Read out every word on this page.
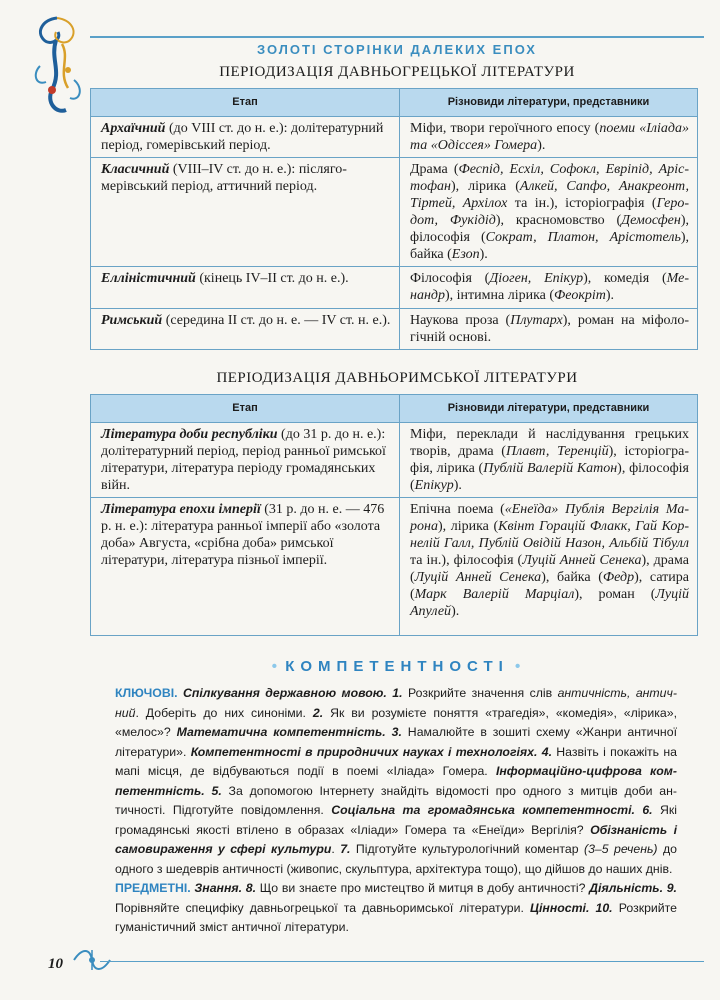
ЗОЛОТІ СТОРІНКИ ДАЛЕКИХ ЕПОХ
ПЕРІОДИЗАЦІЯ ДАВНЬОГРЕЦЬКОЇ ЛІТЕРАТУРИ
Етап	Різновиди літератури, представники
Архаїчний (до VIII ст. до н. е.): долітературний період, гомерівський період.	Міфи, твори героїчного епосу (поеми «Іліада» та «Одіссея» Гомера).
Класичний (VIII–IV ст. до н. е.): післягомерівський період, аттичний період.	Драма (Феспід, Есхіл, Софокл, Евріпід, Арістофан), лірика (Алкей, Сапфо, Анакреонт, Тіртей, Архілох та ін.), історіографія (Геродот, Фукідід), красномовство (Демосфен), філософія (Сократ, Платон, Арістотель), байка (Езоп).
Елліністичний (кінець IV–II ст. до н. е.).	Філософія (Діоген, Епікур), комедія (Менандр), інтимна лірика (Феокріт).
Римський (середина II ст. до н. е. — IV ст. н. е.).	Наукова проза (Плутарх), роман на міфологічній основі.
ПЕРІОДИЗАЦІЯ ДАВНЬОРИМСЬКОЇ ЛІТЕРАТУРИ
Етап	Різновиди літератури, представники
Література доби республіки (до 31 р. до н. е.): долітературний період, період ранньої римської літератури, література періоду громадянських війн.	Міфи, переклади й наслідування грецьких творів, драма (Плавт, Теренцій), історіографія, лірика (Публій Валерій Катон), філософія (Епікур).
Література епохи імперії (31 р. до н. е. — 476 р. н. е.): література ранньої імперії або «золота доба» Августа, «срібна доба» римської літератури, література пізньої імперії.	Епічна поема («Енеїда» Публія Вергілія Марона), лірика (Квінт Горацій Флакк, Гай Корнелій Галл, Публій Овідій Назон, Альбій Тібулл та ін.), філософія (Луцій Анней Сенека), драма (Луцій Анней Сенека), байка (Федр), сатира (Марк Валерій Марціал), роман (Луцій Апулей).
• КОМПЕТЕНТНОСТІ •

КЛЮЧОВІ. Спілкування державною мовою. 1. Розкрийте значення слів античність, античний. Доберіть до них синоніми. 2. Як ви розумієте поняття «трагедія», «комедія», «лірика», «мелос»? Математична компетентність. 3. Намалюйте в зошиті схему «Жанри античної літератури». Компетентності в природничих науках і технологіях. 4. Назвіть і покажіть на мапі місця, де відбуваються події в поемі «Іліада» Гомера. Інформаційно-цифрова компетентність. 5. За допомогою Інтернету знайдіть відомості про одного з митців доби античності. Підготуйте повідомлення. Соціальна та громадянська компетентності. 6. Які громадянські якості втілено в образах «Іліади» Гомера та «Енеїди» Вергілія? Обізнаність і самовираження у сфері культури. 7. Підготуйте культурологічний коментар (3–5 речень) до одного з шедеврів античності (живопис, скульптура, архітектура тощо), що дійшов до наших днів.

ПРЕДМЕТНІ. Знання. 8. Що ви знаєте про мистецтво й митця в добу античності? Діяльність. 9. Порівняйте специфіку давньогрецької та давньоримської літератури. Цінності. 10. Розкрийте гуманістичний зміст античної літератури.

10
